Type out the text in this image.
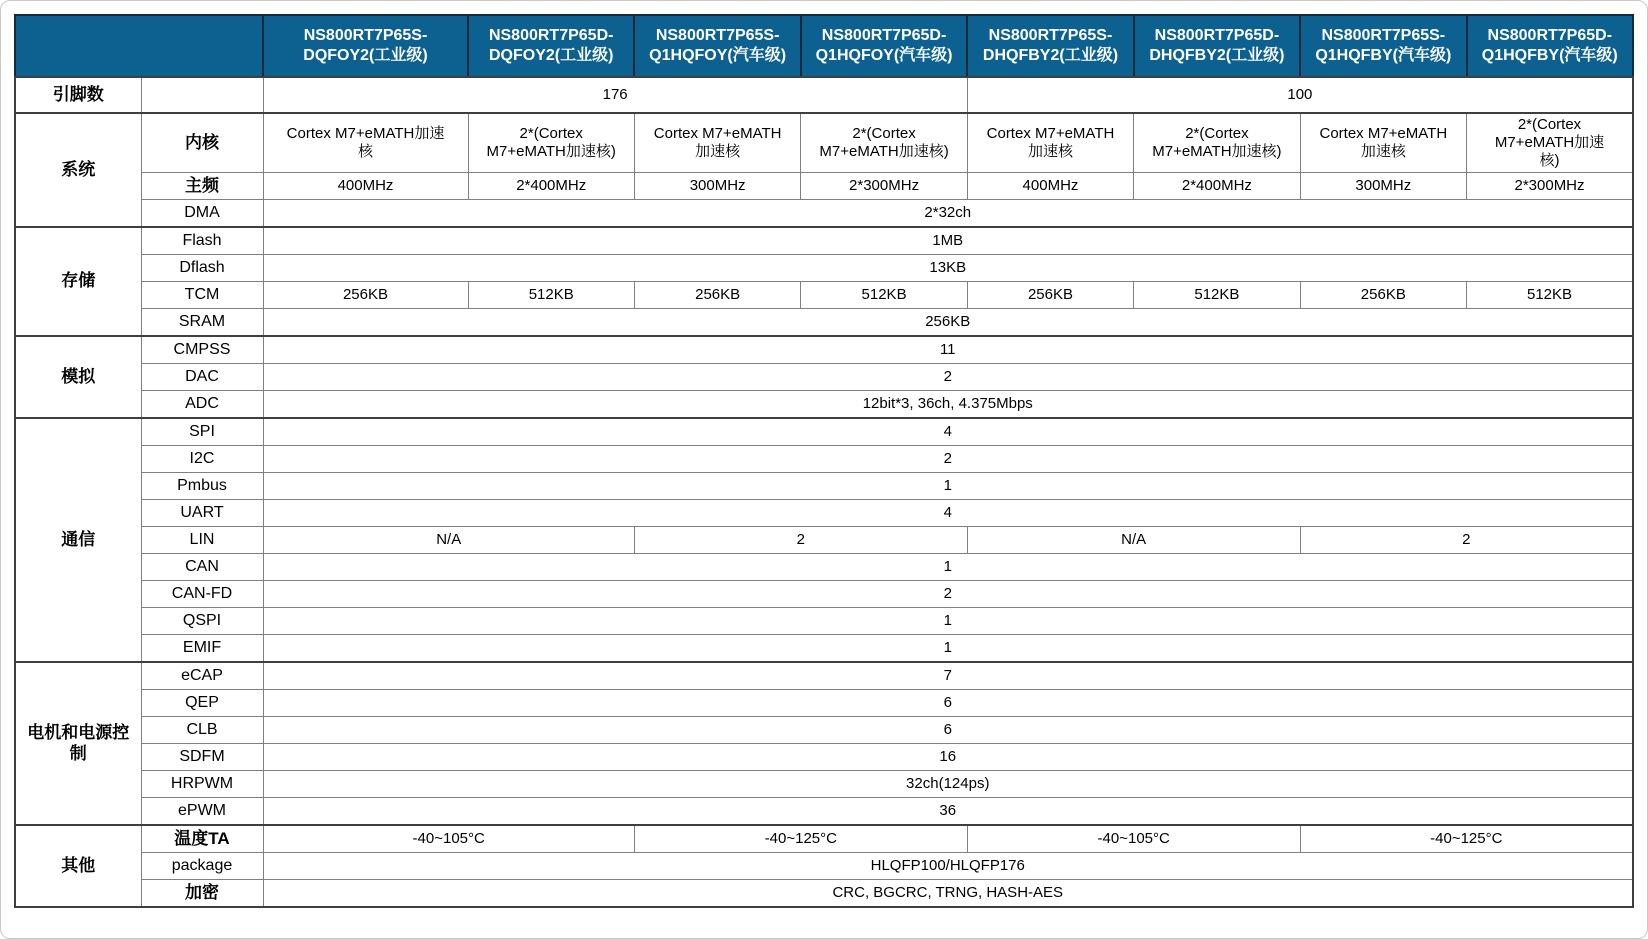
		NS800RT7P65S-DQFOY2(工业级)	NS800RT7P65D-DQFOY2(工业级)	NS800RT7P65S-Q1HQFOY(汽车级)	NS800RT7P65D-Q1HQFOY(汽车级)	NS800RT7P65S-DHQFBY2(工业级)	NS800RT7P65D-DHQFBY2(工业级)	NS800RT7P65S-Q1HQFBY(汽车级)	NS800RT7P65D-Q1HQFBY(汽车级)
引脚数		176				100			
系统	内核	Cortex M7+eMATH加速核	2*(Cortex M7+eMATH加速核)	Cortex M7+eMATH加速核	2*(Cortex M7+eMATH加速核)	Cortex M7+eMATH加速核	2*(Cortex M7+eMATH加速核)	Cortex M7+eMATH加速核	2*(Cortex M7+eMATH加速核)
	主频	400MHz	2*400MHz	300MHz	2*300MHz	400MHz	2*400MHz	300MHz	2*300MHz
	DMA	2*32ch							
存储	Flash	1MB							
	Dflash	13KB							
	TCM	256KB	512KB	256KB	512KB	256KB	512KB	256KB	512KB
	SRAM	256KB							
模拟	CMPSS	11							
	DAC	2							
	ADC	12bit*3, 36ch, 4.375Mbps							
通信	SPI	4							
	I2C	2							
	Pmbus	1							
	UART	4							
	LIN	N/A		2		N/A		2	
	CAN	1							
	CAN-FD	2							
	QSPI	1							
	EMIF	1							
电机和电源控制	eCAP	7							
	QEP	6							
	CLB	6							
	SDFM	16							
	HRPWM	32ch(124ps)							
	ePWM	36							
其他	温度TA	-40~105°C		-40~125°C		-40~105°C		-40~125°C	
	package	HLQFP100/HLQFP176							
	加密	CRC, BGCRC, TRNG, HASH-AES							
